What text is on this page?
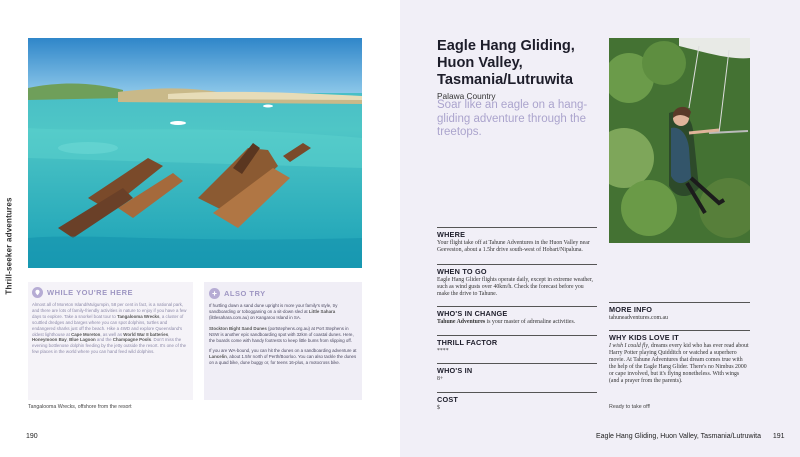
Thrill-seeker adventures	WHILE YOU'RE HERE

Almost all of Moreton Island/Mulgumpin, 58 per cent in fact, is a national park, and there are lots of family-friendly activities in nature to enjoy if you have a few days to explore. Take a snorkel boat tour to Tangalooma Wrecks, a cluster of scuttled dredges and barges where you can spot dolphins, turtles and endangered sharks just off the beach. Hike a 4WD and explore Queensland's oldest lighthouse at Cape Moreton, as well as World War II batteries, Honeymoon Bay, Blue Lagoon and the Champagne Pools. Don't miss the evening bottlenose dolphin feeding by the jetty outside the resort. It's one of the few places in the world where you can hand feed wild dolphins.

ALSO TRY

If hurtling down a sand dune upright is more your family's style, try sandboarding or tobogganing on a sit-down sled at Little Sahara (littlesahara.com.au) on Kangaroo Island in SA.

Stockton Bight Sand Dunes (portstephens.org.au) at Port Stephens in NSW is another epic sandboarding spot with 32km of coastal dunes. Here, the boards come with handy footrests to keep little bums from slipping off.

If you are WA-bound, you can hit the dunes on a sandboarding adventure at Lancelin, about 1.5hr north of Perth/Boorloo. You can also tackle the dunes on a quad bike, dune buggy or, for teens 16-plus, a motocross bike.

Tangalooma Wrecks, offshore from the resort
190
Eagle Hang Gliding, Huon Valley, Tasmania/Lutruwita
Palawa Country
Soar like an eagle on a hang-gliding adventure through the treetops.
WHERE
Your flight take off at Tahune Adventures in the Huon Valley near Geeveston, about a 1.5hr drive south-west of Hobart/Nipaluna.
WHEN TO GO
Eagle Hang Glider flights operate daily, except in extreme weather, such as wind gusts over 40km/h. Check the forecast before you make the drive to Tahune.
WHO'S IN CHANGE
Tahune Adventures is your master of adrenaline activities.
THRILL FACTOR
****
WHO'S IN
8+
COST
$
MORE INFO
tahuneadventures.com.au
WHY KIDS LOVE IT
I wish I could fly, dreams every kid who has ever read about Harry Potter playing Quidditch or watched a superhero movie. At Tahune Adventures that dream comes true with the help of the Eagle Hang Glider. There's no Nimbus 2000 or cape involved, but it's flying nonetheless. With wings (and a prayer from the parents).
Ready to take off!
Eagle Hang Gliding, Huon Valley, Tasmania/Lutruwita 191
